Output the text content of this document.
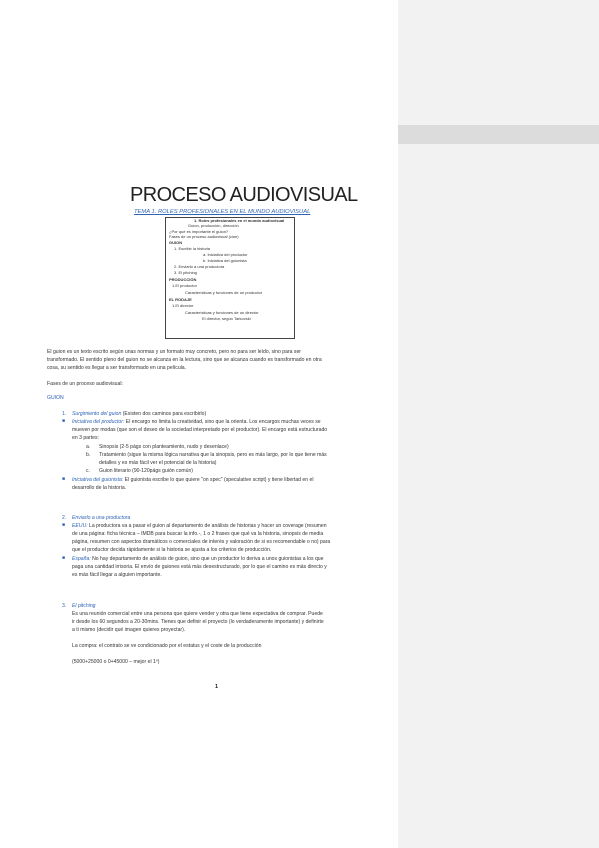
PROCESO AUDIOVISUAL
TEMA 1. ROLES PROFESIONALES EN EL MUNDO AUDIOVISUAL
1. Roles profesionales en el mundo audiovisual
Guion, producción, dirección
¿Por qué es importante el guion?
Fases de un proceso audiovisual (cine)
GUION
1. Escribir la historia
a. Iniciativa del productor
b. Iniciativa del guionista
2. Enviarlo a una productora
3. El pitching
PRODUCCIÓN
1.El productor
Características y funciones de un productor
EL RODAJE
1.El director
Características y funciones de un director
El director, según Tarkovski
El guion es un texto escrito según unas normas y un formato muy concreto, pero no para ser leído, sino para ser
transformado. El sentido pleno del guion no se alcanza en la lectura, sino que se alcanza cuando es transformado en otra
cosa, su sentido es llegar a ser transformado en una película.
Fases de un proceso audiovisual:
GUION
1. Surgimiento del guion (Existen dos caminos para escribirlo)
■ Iniciativa del productor: El encargo no limita la creatividad, sino que la orienta. Los encargos muchas veces se
mueven por modas (que son el deseo de la sociedad interpretado por el productor). El encargo está estructurado
en 3 partes:
a. Sinopsis (2-5 págs con planteamiento, nudo y desenlace)
b. Tratamiento (sigue la misma lógica narrativa que la sinopsis, pero es más largo, por lo que tiene más
detalles y es más fácil ver el potencial de la historia)
c. Guion literario (90-120págs guión común)
■ Iniciativa del guionista: El guionista escribe lo que quiere "on spec" (speculative script) y tiene libertad en el
desarrollo de la historia.
2. Enviarlo a una productora
■ EEUU: La productora va a pasar el guion al departamento de análisis de historias y hacer un coverage (resumen
de una página: ficha técnica – IMDB para buscar la info.-, 1 o 2 frases que qué va la historia, sinopsis de media
página, resumen con aspectos dramáticos o comerciales de interés y valoración de si es recomendable o no) para
que el productor decida rápidamente si la historia se ajusta a los criterios de producción.
■ España: No hay departamento de análisis de guion, sino que un productor lo deriva a unos guionistas a los que
paga una cantidad irrisoria. El envío de guiones está más desestructurado, por lo que el camino es más directo y
es más fácil llegar a alguien importante.
3. El pitching
Es una reunión comercial entre una persona que quiere vender y otra que tiene expectativa de comprar. Puede
ir desde los 60 segundos a 20-30mins. Tienes que definir el proyecto (lo verdaderamente importante) y definirte
a ti mismo (decidir qué imagen quieres proyectar).
La compra: el contrato se ve condicionado por el estatus y el coste de la producción
(5000+25000 o 0+45000 – mejor el 1º)
1
